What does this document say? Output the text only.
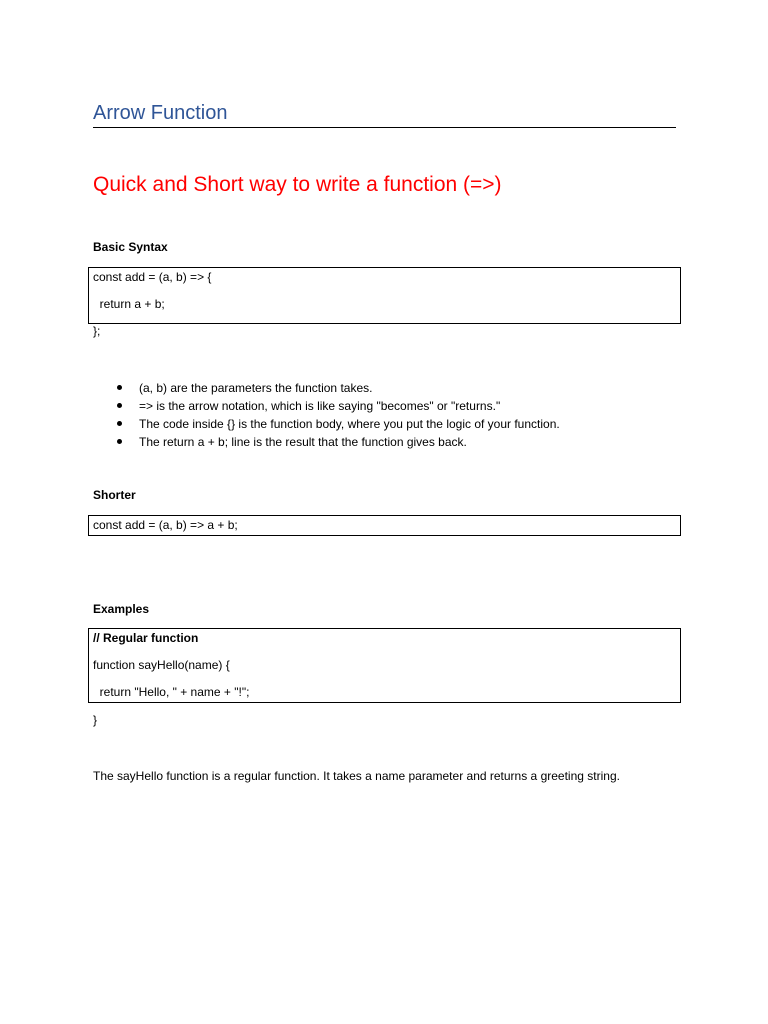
Arrow Function
Quick and Short way to write a function (=>)
Basic Syntax
const add = (a, b) => {
return a + b;
};
(a, b) are the parameters the function takes.
=> is the arrow notation, which is like saying "becomes" or "returns."
The code inside {} is the function body, where you put the logic of your function.
The return a + b; line is the result that the function gives back.
Shorter
const add = (a, b) => a + b;
Examples
// Regular function
function sayHello(name) {
return "Hello, " + name + "!";
}
The sayHello function is a regular function. It takes a name parameter and returns a greeting string.
